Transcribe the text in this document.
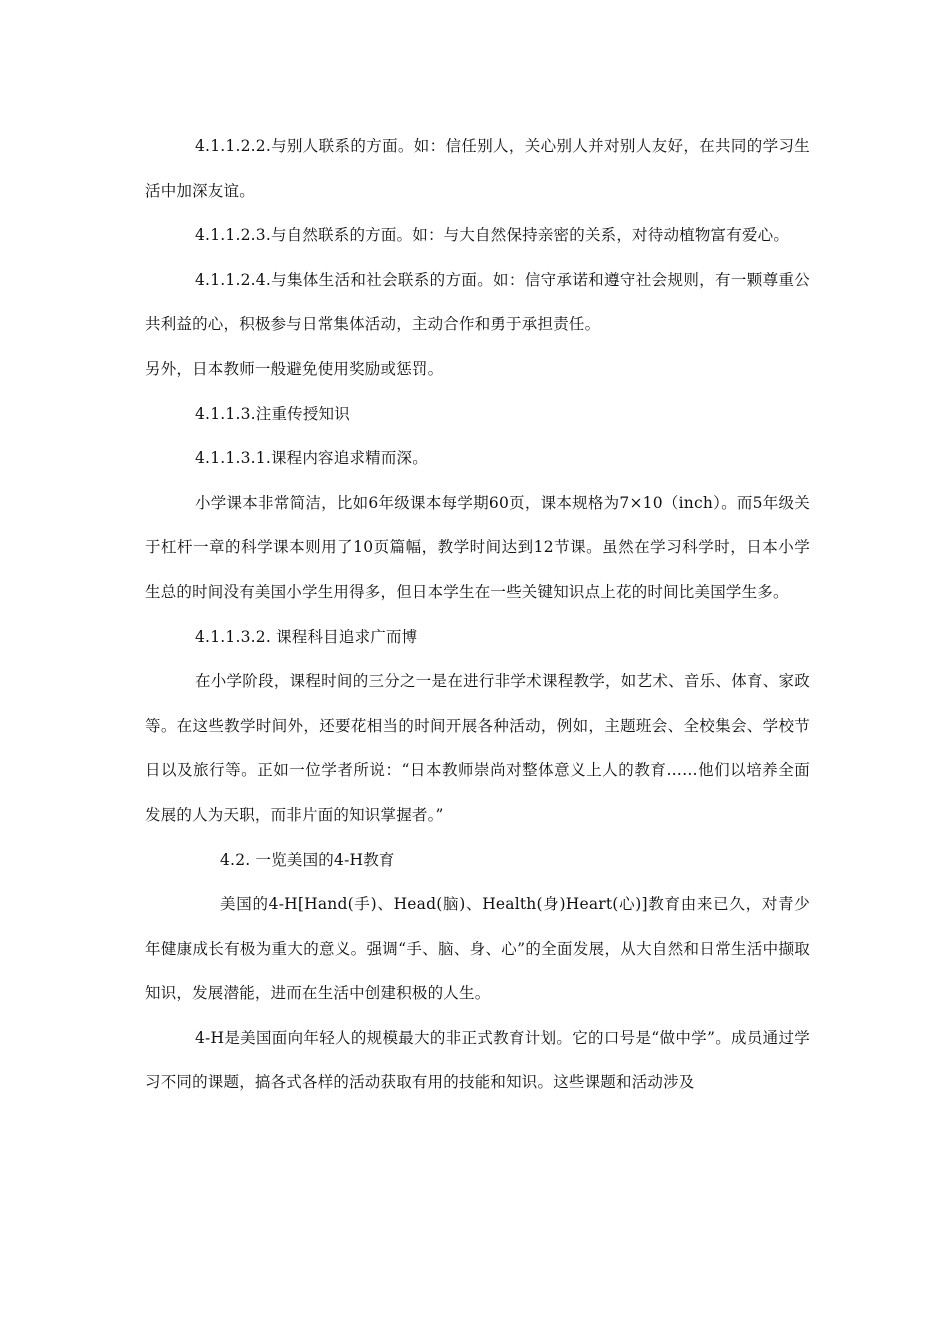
4.1.1.2.2.与别人联系的方面。如：信任别人，关心别人并对别人友好，在共同的学习生活中加深友谊。

4.1.1.2.3.与自然联系的方面。如：与大自然保持亲密的关系，对待动植物富有爱心。

4.1.1.2.4.与集体生活和社会联系的方面。如：信守承诺和遵守社会规则，有一颗尊重公共利益的心，积极参与日常集体活动，主动合作和勇于承担责任。

另外，日本教师一般避免使用奖励或惩罚。

4.1.1.3.注重传授知识

4.1.1.3.1.课程内容追求精而深。

小学课本非常简洁，比如6年级课本每学期60页，课本规格为7×10（inch）。而5年级关于杠杆一章的科学课本则用了10页篇幅，教学时间达到12节课。虽然在学习科学时，日本小学生总的时间没有美国小学生用得多，但日本学生在一些关键知识点上花的时间比美国学生多。

4.1.1.3.2. 课程科目追求广而博

在小学阶段，课程时间的三分之一是在进行非学术课程教学，如艺术、音乐、体育、家政等。在这些教学时间外，还要花相当的时间开展各种活动，例如，主题班会、全校集会、学校节日以及旅行等。正如一位学者所说：“日本教师崇尚对整体意义上人的教育……他们以培养全面发展的人为天职，而非片面的知识掌握者。”

4.2. 一览美国的4-H教育

美国的4-H[Hand(手)、Head(脑)、Health(身)Heart(心)]教育由来已久，对青少年健康成长有极为重大的意义。强调“手、脑、身、心”的全面发展，从大自然和日常生活中撷取知识，发展潜能，进而在生活中创建积极的人生。

4-H是美国面向年轻人的规模最大的非正式教育计划。它的口号是“做中学”。成员通过学习不同的课题，搞各式各样的活动获取有用的技能和知识。这些课题和活动涉及
